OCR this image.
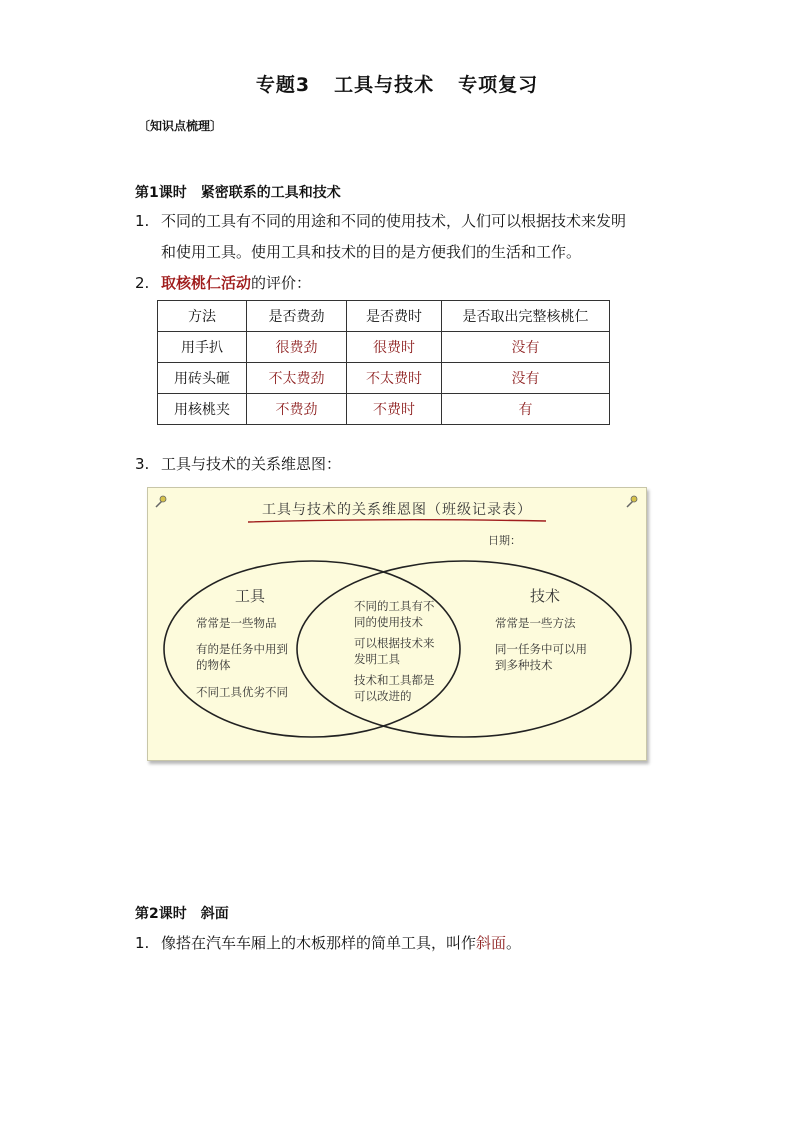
专题3 工具与技术 专项复习
〔知识点梳理〕
第1课时　紧密联系的工具和技术
1. 不同的工具有不同的用途和不同的使用技术，人们可以根据技术来发明
和使用工具。使用工具和技术的目的是方便我们的生活和工作。
2. 取核桃仁活动的评价：
方法	是否费劲	是否费时	是否取出完整核桃仁
用手扒	很费劲	很费时	没有
用砖头砸	不太费劲	不太费时	没有
用核桃夹	不费劲	不费时	有
3. 工具与技术的关系维恩图：
工具与技术的关系维恩图（班级记录表）
日期：
工具	技术
常常是一些物品
有的是任务中用到
的物体
不同工具优劣不同
不同的工具有不
同的使用技术
可以根据技术来
发明工具
技术和工具都是
可以改进的
常常是一些方法
同一任务中可以用
到多种技术
第2课时　斜面
1. 像搭在汽车车厢上的木板那样的简单工具，叫作斜面。
